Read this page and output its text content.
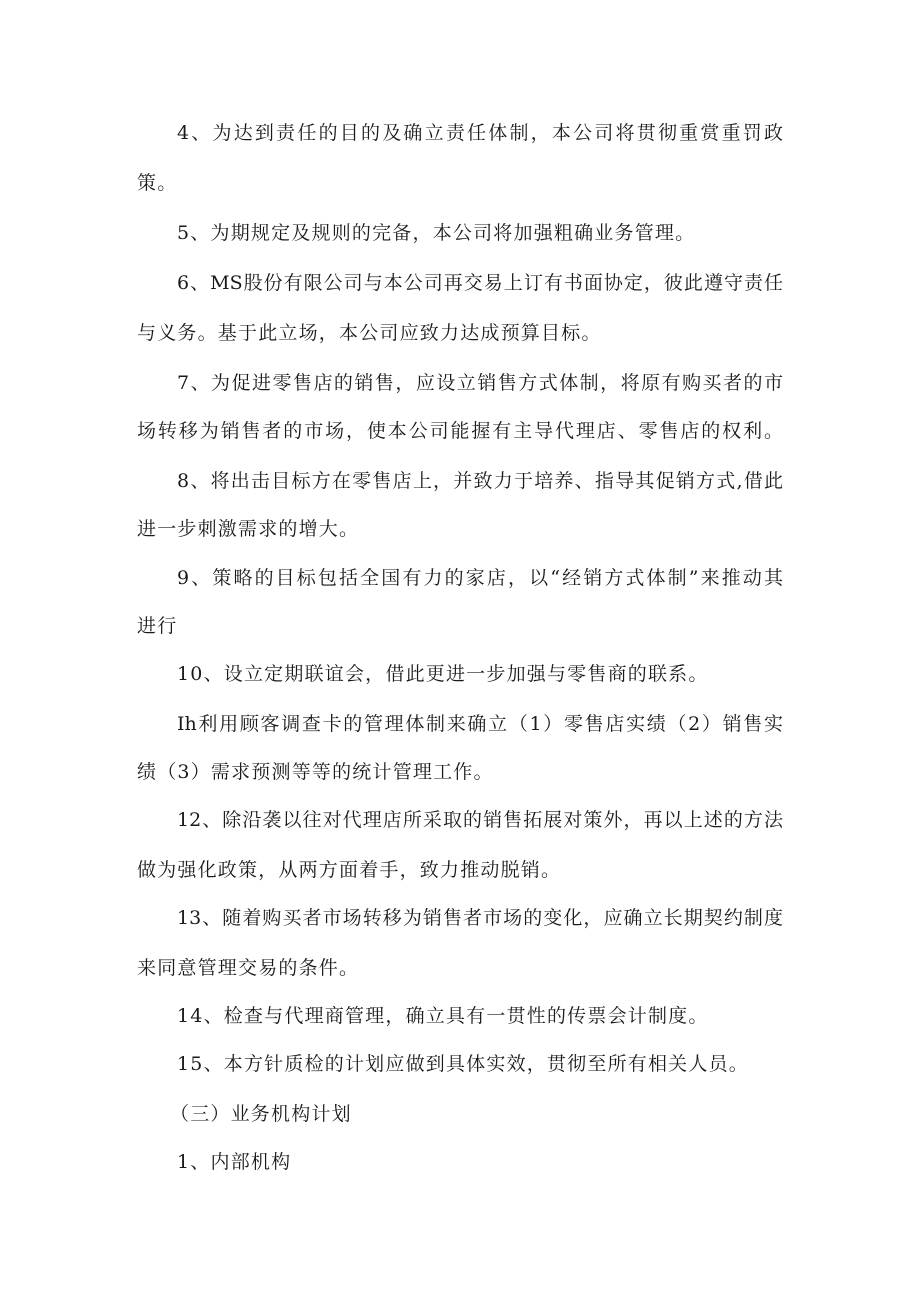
4、为达到责任的目的及确立责任体制，本公司将贯彻重赏重罚政
策。
5、为期规定及规则的完备，本公司将加强粗确业务管理。
6、MS股份有限公司与本公司再交易上订有书面协定，彼此遵守责任
与义务。基于此立场，本公司应致力达成预算目标。
7、为促进零售店的销售，应设立销售方式体制，将原有购买者的市
场转移为销售者的市场，使本公司能握有主导代理店、零售店的权利。
8、将出击目标方在零售店上，并致力于培养、指导其促销方式,借此
进一步刺激需求的增大。
9、策略的目标包括全国有力的家店，以“经销方式体制”来推动其
进行
10、设立定期联谊会，借此更进一步加强与零售商的联系。
Ih利用顾客调查卡的管理体制来确立（1）零售店实绩（2）销售实
绩（3）需求预测等等的统计管理工作。
12、除沿袭以往对代理店所采取的销售拓展对策外，再以上述的方法
做为强化政策，从两方面着手，致力推动脱销。
13、随着购买者市场转移为销售者市场的变化，应确立长期契约制度
来同意管理交易的条件。
14、检查与代理商管理，确立具有一贯性的传票会计制度。
15、本方针质检的计划应做到具体实效，贯彻至所有相关人员。
（三）业务机构计划
1、内部机构
